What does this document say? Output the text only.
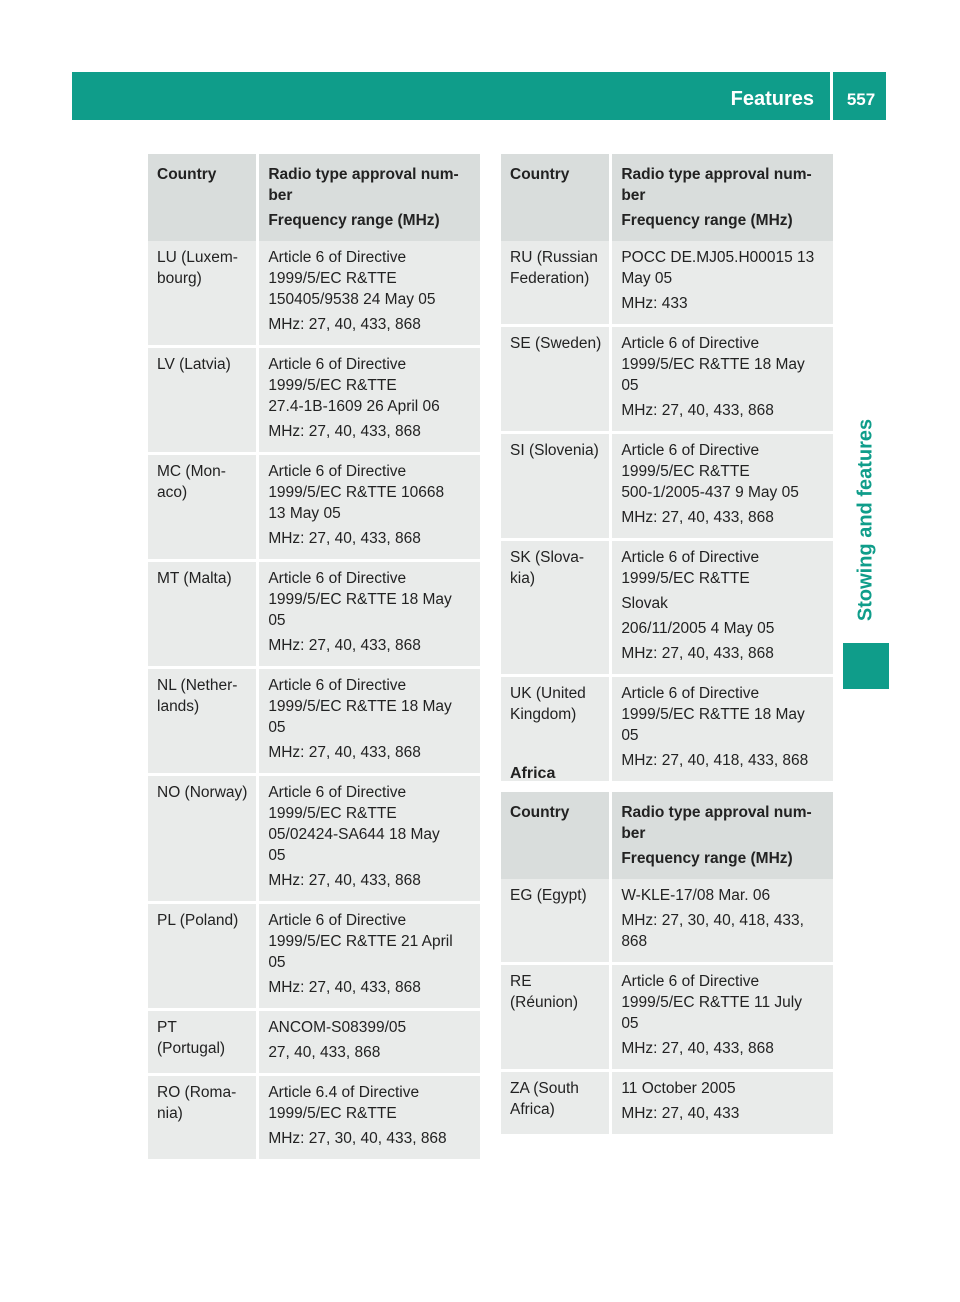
Features	557
Stowing and features
Country	Radio type approval num-
ber
Frequency range (MHz)

LU (Luxem-
bourg)	Article 6 of Directive
1999/5/EC R&TTE
150405/9538 24 May 05
MHz: 27, 40, 433, 868

LV (Latvia)	Article 6 of Directive
1999/5/EC R&TTE
27.4-1B-1609 26 April 06
MHz: 27, 40, 433, 868

MC (Mon-
aco)	Article 6 of Directive
1999/5/EC R&TTE 10668
13 May 05
MHz: 27, 40, 433, 868

MT (Malta)	Article 6 of Directive
1999/5/EC R&TTE 18 May
05
MHz: 27, 40, 433, 868

NL (Nether-
lands)	Article 6 of Directive
1999/5/EC R&TTE 18 May
05
MHz: 27, 40, 433, 868

NO (Norway)	Article 6 of Directive
1999/5/EC R&TTE
05/02424-SA644 18 May
05
MHz: 27, 40, 433, 868

PL (Poland)	Article 6 of Directive
1999/5/EC R&TTE 21 April
05
MHz: 27, 40, 433, 868

PT (Portugal)	ANCOM-S08399/05
27, 40, 433, 868

RO (Roma-
nia)	Article 6.4 of Directive
1999/5/EC R&TTE
MHz: 27, 30, 40, 433, 868
Country	Radio type approval num-
ber
Frequency range (MHz)

RU (Russian
Federation)	POCC DE.MJ05.H00015 13
May 05
MHz: 433

SE (Sweden)	Article 6 of Directive
1999/5/EC R&TTE 18 May
05
MHz: 27, 40, 433, 868

SI (Slovenia)	Article 6 of Directive
1999/5/EC R&TTE
500-1/2005-437 9 May 05
MHz: 27, 40, 433, 868

SK (Slova-
kia)	Article 6 of Directive
1999/5/EC R&TTE
Slovak
206/11/2005 4 May 05
MHz: 27, 40, 433, 868

UK (United
Kingdom)	Article 6 of Directive
1999/5/EC R&TTE 18 May
05
MHz: 27, 40, 418, 433, 868
Africa
Country	Radio type approval num-
ber
Frequency range (MHz)

EG (Egypt)	W-KLE-17/08 Mar. 06
MHz: 27, 30, 40, 418, 433,
868

RE (Réunion)	Article 6 of Directive
1999/5/EC R&TTE 11 July
05
MHz: 27, 40, 433, 868

ZA (South
Africa)	11 October 2005
MHz: 27, 40, 433
